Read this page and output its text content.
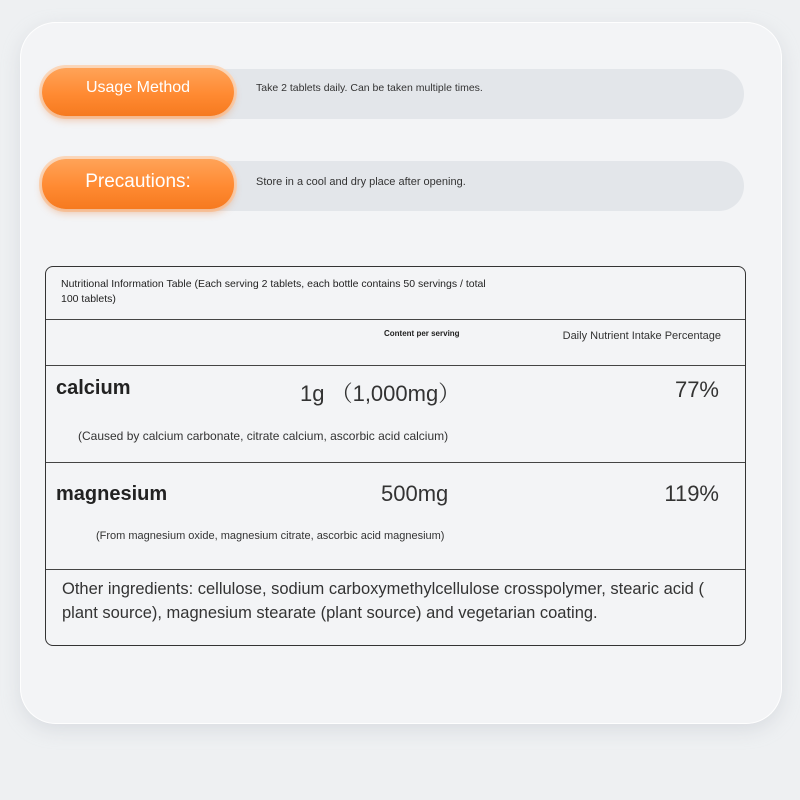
Take 2 tablets daily. Can be taken multiple times.
Usage Method
Store in a cool and dry place after opening.
Precautions:
Nutritional Information Table (Each serving 2 tablets, each bottle contains 50 servings / total 100 tablets)
Content per serving	Daily Nutrient Intake Percentage
calcium	1g （1,000mg）	77%
(Caused by calcium carbonate, citrate calcium, ascorbic acid calcium)
magnesium	500mg	119%
(From magnesium oxide, magnesium citrate, ascorbic acid magnesium)
Other ingredients: cellulose, sodium carboxymethylcellulose crosspolymer, stearic acid ( plant source), magnesium stearate (plant source) and vegetarian coating.
